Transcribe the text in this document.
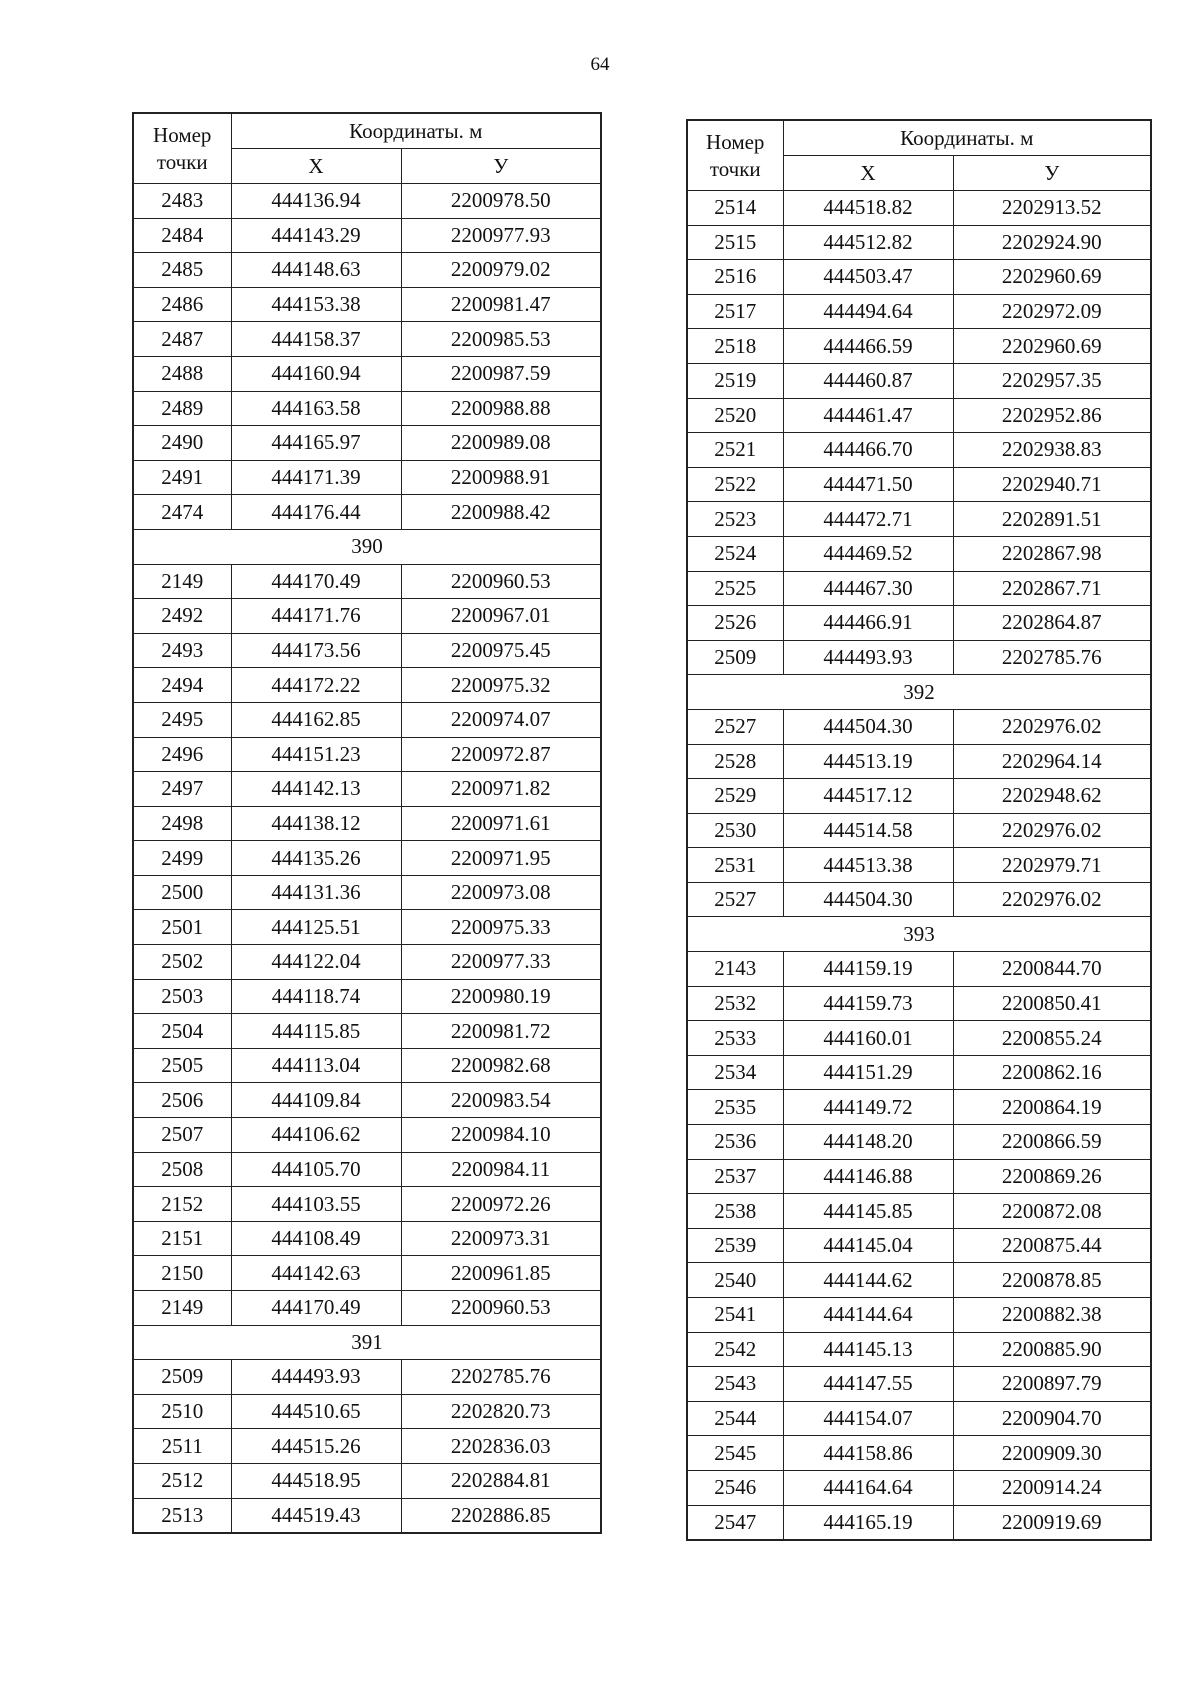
64
Номер точки	Координаты. м	
	X	У
2483	444136.94	2200978.50
2484	444143.29	2200977.93
2485	444148.63	2200979.02
2486	444153.38	2200981.47
2487	444158.37	2200985.53
2488	444160.94	2200987.59
2489	444163.58	2200988.88
2490	444165.97	2200989.08
2491	444171.39	2200988.91
2474	444176.44	2200988.42
390		
2149	444170.49	2200960.53
2492	444171.76	2200967.01
2493	444173.56	2200975.45
2494	444172.22	2200975.32
2495	444162.85	2200974.07
2496	444151.23	2200972.87
2497	444142.13	2200971.82
2498	444138.12	2200971.61
2499	444135.26	2200971.95
2500	444131.36	2200973.08
2501	444125.51	2200975.33
2502	444122.04	2200977.33
2503	444118.74	2200980.19
2504	444115.85	2200981.72
2505	444113.04	2200982.68
2506	444109.84	2200983.54
2507	444106.62	2200984.10
2508	444105.70	2200984.11
2152	444103.55	2200972.26
2151	444108.49	2200973.31
2150	444142.63	2200961.85
2149	444170.49	2200960.53
391		
2509	444493.93	2202785.76
2510	444510.65	2202820.73
2511	444515.26	2202836.03
2512	444518.95	2202884.81
2513	444519.43	2202886.85
Номер точки	Координаты. м	
	X	У
2514	444518.82	2202913.52
2515	444512.82	2202924.90
2516	444503.47	2202960.69
2517	444494.64	2202972.09
2518	444466.59	2202960.69
2519	444460.87	2202957.35
2520	444461.47	2202952.86
2521	444466.70	2202938.83
2522	444471.50	2202940.71
2523	444472.71	2202891.51
2524	444469.52	2202867.98
2525	444467.30	2202867.71
2526	444466.91	2202864.87
2509	444493.93	2202785.76
392		
2527	444504.30	2202976.02
2528	444513.19	2202964.14
2529	444517.12	2202948.62
2530	444514.58	2202976.02
2531	444513.38	2202979.71
2527	444504.30	2202976.02
393		
2143	444159.19	2200844.70
2532	444159.73	2200850.41
2533	444160.01	2200855.24
2534	444151.29	2200862.16
2535	444149.72	2200864.19
2536	444148.20	2200866.59
2537	444146.88	2200869.26
2538	444145.85	2200872.08
2539	444145.04	2200875.44
2540	444144.62	2200878.85
2541	444144.64	2200882.38
2542	444145.13	2200885.90
2543	444147.55	2200897.79
2544	444154.07	2200904.70
2545	444158.86	2200909.30
2546	444164.64	2200914.24
2547	444165.19	2200919.69
